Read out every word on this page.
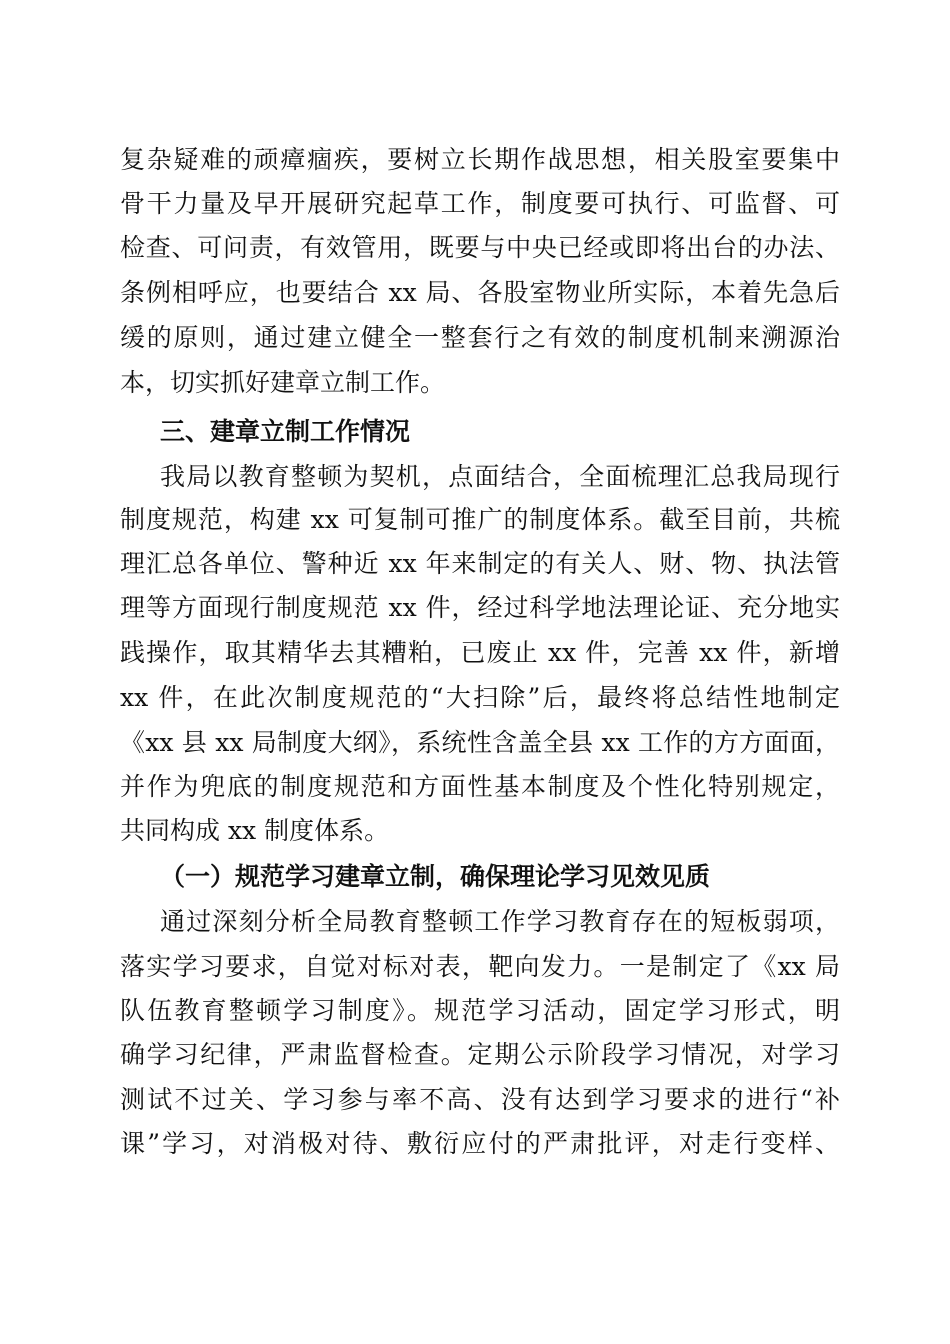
复杂疑难的顽瘴痼疾，要树立长期作战思想，相关股室要集中
骨干力量及早开展研究起草工作，制度要可执行、可监督、可
检查、可问责，有效管用，既要与中央已经或即将出台的办法、
条例相呼应，也要结合 xx 局、各股室物业所实际，本着先急后
缓的原则，通过建立健全一整套行之有效的制度机制来溯源治
本，切实抓好建章立制工作。
三、建章立制工作情况
我局以教育整顿为契机，点面结合，全面梳理汇总我局现行
制度规范，构建 xx 可复制可推广的制度体系。截至目前，共梳
理汇总各单位、警种近 xx 年来制定的有关人、财、物、执法管
理等方面现行制度规范 xx 件，经过科学地法理论证、充分地实
践操作，取其精华去其糟粕，已废止 xx 件，完善 xx 件，新增
xx 件，在此次制度规范的“大扫除”后，最终将总结性地制定
《xx 县 xx 局制度大纲》，系统性含盖全县 xx 工作的方方面面，
并作为兜底的制度规范和方面性基本制度及个性化特别规定，
共同构成 xx 制度体系。
（一）规范学习建章立制，确保理论学习见效见质
通过深刻分析全局教育整顿工作学习教育存在的短板弱项，
落实学习要求，自觉对标对表，靶向发力。一是制定了《xx 局
队伍教育整顿学习制度》。规范学习活动，固定学习形式，明
确学习纪律，严肃监督检查。定期公示阶段学习情况，对学习
测试不过关、学习参与率不高、没有达到学习要求的进行“补
课”学习，对消极对待、敷衍应付的严肃批评，对走行变样、
